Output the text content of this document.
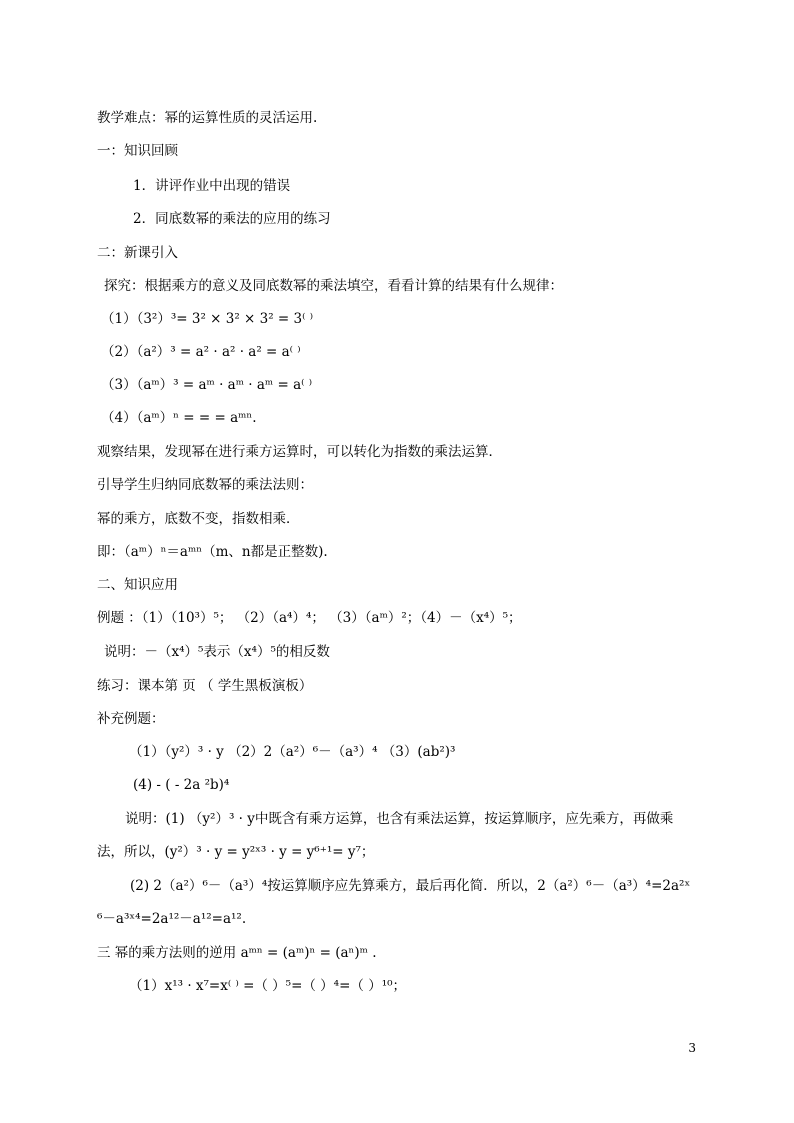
教学难点：幂的运算性质的灵活运用.
一：知识回顾
1．讲评作业中出现的错误
2．同底数幂的乘法的应用的练习
二：新课引入
探究：根据乘方的意义及同底数幂的乘法填空，看看计算的结果有什么规律：
（1）（3²）³= 3² × 3² × 3² = 3⁽ ⁾
（2）（a²）³ = a² · a² · a² = a⁽ ⁾
（3）（aᵐ）³ = aᵐ · aᵐ · aᵐ = a⁽ ⁾
（4）（aᵐ）ⁿ = = = aᵐⁿ.
观察结果，发现幂在进行乘方运算时，可以转化为指数的乘法运算．
引导学生归纳同底数幂的乘法法则：
幂的乘方，底数不变，指数相乘．
即：（aᵐ）ⁿ＝aᵐⁿ（m、n都是正整数).
二、知识应用
例题 ：（1）（10³）⁵； （2）（a⁴）⁴； （3）（aᵐ）²；（4）－（x⁴）⁵；
说明：－（x⁴）⁵表示（x⁴）⁵的相反数
练习：课本第 页 （ 学生黑板演板）
补充例题：
（1）（y²）³ · y （2）2（a²）⁶－（a³）⁴ （3）(ab²)³
(4) - ( - 2a ²b)⁴
说明：(1) （y²）³ · y中既含有乘方运算，也含有乘法运算，按运算顺序，应先乘方，再做乘
法，所以，(y²）³ · y = y²ˣ³ · y = y⁶⁺¹= y⁷；
(2) 2（a²）⁶－（a³）⁴按运算顺序应先算乘方，最后再化简．所以，2（a²）⁶－（a³）⁴=2a²ˣ
⁶－a³ˣ⁴=2a¹²－a¹²=a¹².
三 幂的乘方法则的逆用 aᵐⁿ = (aᵐ)ⁿ = (aⁿ)ᵐ .
（1）x¹³ · x⁷=x⁽ ⁾ =（ ）⁵=（ ）⁴=（ ）¹⁰；
3
